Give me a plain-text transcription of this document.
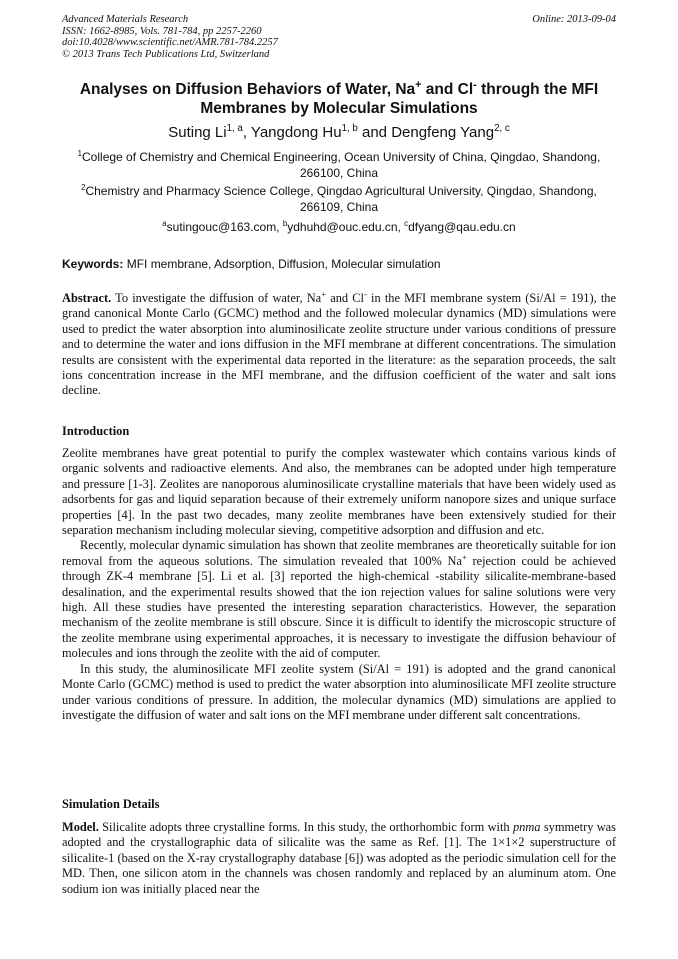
Advanced Materials Research
ISSN: 1662-8985, Vols. 781-784, pp 2257-2260
doi:10.4028/www.scientific.net/AMR.781-784.2257
© 2013 Trans Tech Publications Ltd, Switzerland
Online: 2013-09-04
Analyses on Diffusion Behaviors of Water, Na+ and Cl- through the MFI Membranes by Molecular Simulations
Suting Li$^{1, a}$, Yangdong Hu$^{1, b}$ and Dengfeng Yang$^{2, c}$
$^1$College of Chemistry and Chemical Engineering, Ocean University of China, Qingdao, Shandong, 266100, China
$^2$Chemistry and Pharmacy Science College, Qingdao Agricultural University, Qingdao, Shandong, 266109, China
$^a$sutingouc@163.com, $^b$ydhuhd@ouc.edu.cn, $^c$dfyang@qau.edu.cn
Keywords: MFI membrane, Adsorption, Diffusion, Molecular simulation
Abstract. To investigate the diffusion of water, Na+ and Cl- in the MFI membrane system (Si/Al = 191), the grand canonical Monte Carlo (GCMC) method and the followed molecular dynamics (MD) simulations were used to predict the water absorption into aluminosilicate zeolite structure under various conditions of pressure and to determine the water and ions diffusion in the MFI membrane at different concentrations. The simulation results are consistent with the experimental data reported in the literature: as the separation proceeds, the salt ions concentration increase in the MFI membrane, and the diffusion coefficient of the water and salt ions decline.
Introduction

Zeolite membranes have great potential to purify the complex wastewater which contains various kinds of organic solvents and radioactive elements. And also, the membranes can be adopted under high temperature and pressure [1-3]. Zeolites are nanoporous aluminosilicate crystalline materials that have been widely used as adsorbents for gas and liquid separation because of their extremely uniform nanopore sizes and unique surface properties [4]. In the past two decades, many zeolite membranes have been extensively studied for their separation mechanism including molecular sieving, competitive adsorption and diffusion and etc.

Recently, molecular dynamic simulation has shown that zeolite membranes are theoretically suitable for ion removal from the aqueous solutions. The simulation revealed that 100% Na+ rejection could be achieved through ZK-4 membrane [5]. Li et al. [3] reported the high-chemical -stability silicalite-membrane-based desalination, and the experimental results showed that the ion rejection values for saline solutions were very high. All these studies have presented the interesting separation characteristics. However, the separation mechanism of the zeolite membrane is still obscure. Since it is difficult to identify the microscopic structure of the zeolite membrane using experimental approaches, it is necessary to investigate the diffusion behaviour of molecules and ions through the zeolite with the aid of computer.

In this study, the aluminosilicate MFI zeolite system (Si/Al = 191) is adopted and the grand canonical Monte Carlo (GCMC) method is used to predict the water absorption into aluminosilicate MFI zeolite structure under various conditions of pressure. In addition, the molecular dynamics (MD) simulations are applied to investigate the diffusion of water and salt ions on the MFI membrane under different salt concentrations.

Simulation Details
Model. Silicalite adopts three crystalline forms. In this study, the orthorhombic form with pnma symmetry was adopted and the crystallographic data of silicalite was the same as Ref. [1]. The 1×1×2 superstructure of silicalite-1 (based on the X-ray crystallography database [6]) was adopted as the periodic simulation cell for the MD. Then, one silicon atom in the channels was chosen randomly and replaced by an aluminum atom. One sodium ion was initially placed near the
